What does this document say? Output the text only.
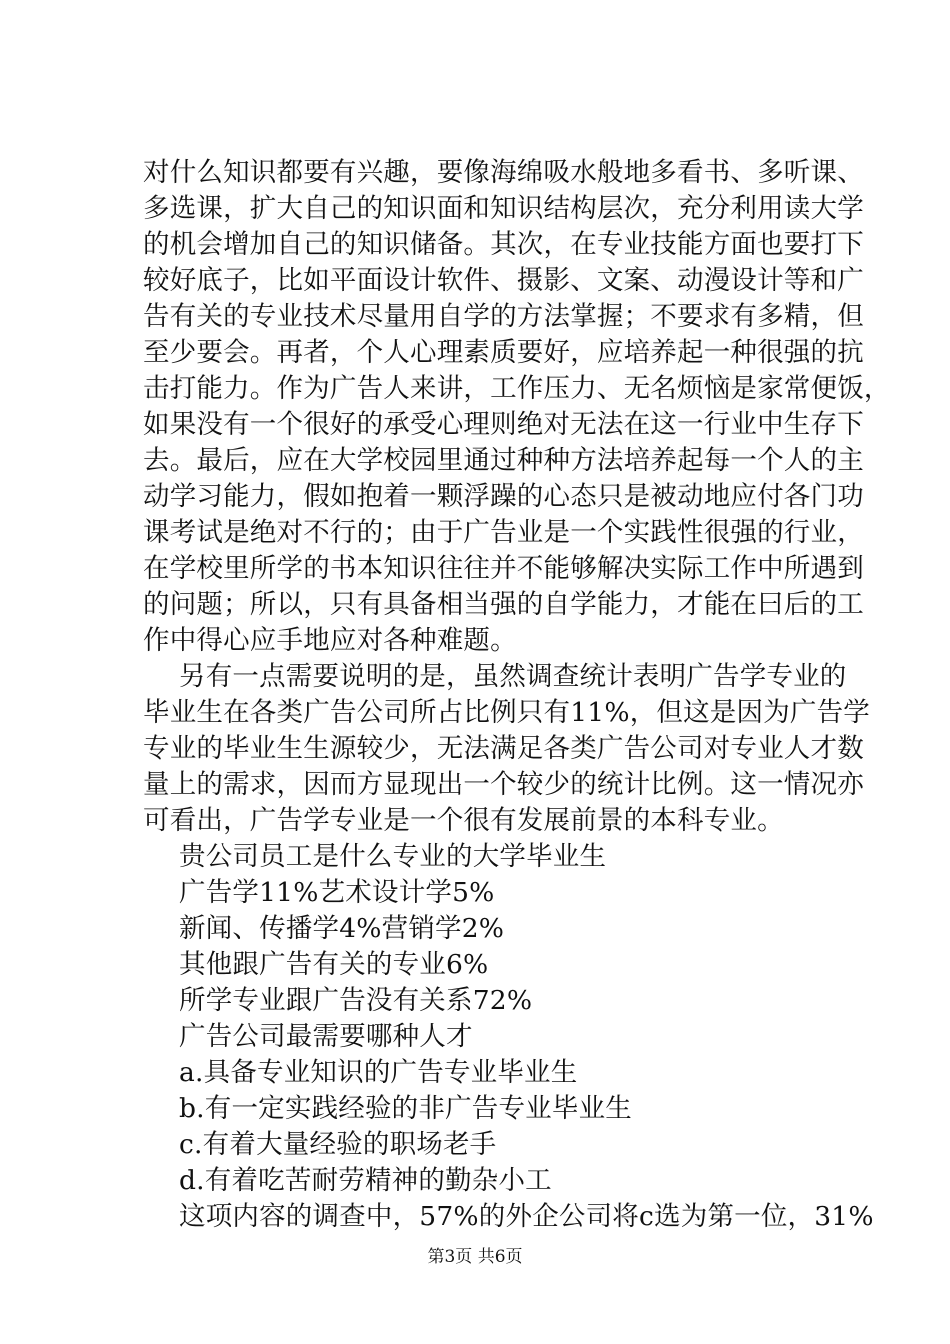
对什么知识都要有兴趣，要像海绵吸水般地多看书、多听课、
多选课，扩大自己的知识面和知识结构层次，充分利用读大学
的机会增加自己的知识储备。其次，在专业技能方面也要打下
较好底子，比如平面设计软件、摄影、文案、动漫设计等和广
告有关的专业技术尽量用自学的方法掌握；不要求有多精，但
至少要会。再者，个人心理素质要好，应培养起一种很强的抗
击打能力。作为广告人来讲，工作压力、无名烦恼是家常便饭，
如果没有一个很好的承受心理则绝对无法在这一行业中生存下
去。最后，应在大学校园里通过种种方法培养起每一个人的主
动学习能力，假如抱着一颗浮躁的心态只是被动地应付各门功
课考试是绝对不行的；由于广告业是一个实践性很强的行业，
在学校里所学的书本知识往往并不能够解决实际工作中所遇到
的问题；所以，只有具备相当强的自学能力，才能在曰后的工
作中得心应手地应对各种难题。
另有一点需要说明的是，虽然调查统计表明广告学专业的
毕业生在各类广告公司所占比例只有11%，但这是因为广告学
专业的毕业生生源较少，无法满足各类广告公司对专业人才数
量上的需求，因而方显现出一个较少的统计比例。这一情况亦
可看出，广告学专业是一个很有发展前景的本科专业。
贵公司员工是什么专业的大学毕业生
广告学11%艺术设计学5%
新闻、传播学4%营销学2%
其他跟广告有关的专业6%
所学专业跟广告没有关系72%
广告公司最需要哪种人才
a.具备专业知识的广告专业毕业生
b.有一定实践经验的非广告专业毕业生
c.有着大量经验的职场老手
d.有着吃苦耐劳精神的勤杂小工
这项内容的调查中，57%的外企公司将c选为第一位，31%
第3页 共6页
